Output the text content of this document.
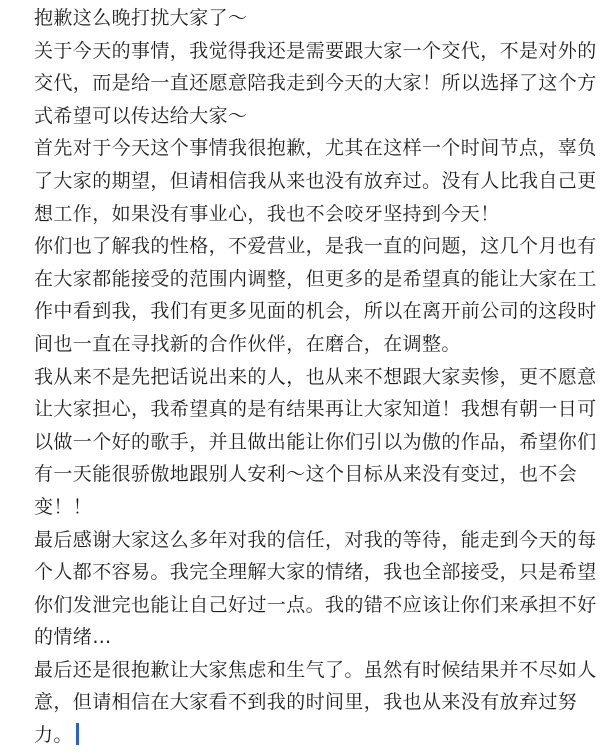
抱歉这么晚打扰大家了～
关于今天的事情，我觉得我还是需要跟大家一个交代，不是对外的
交代，而是给一直还愿意陪我走到今天的大家！所以选择了这个方
式希望可以传达给大家～
首先对于今天这个事情我很抱歉，尤其在这样一个时间节点，辜负
了大家的期望，但请相信我从来也没有放弃过。没有人比我自己更
想工作，如果没有事业心，我也不会咬牙坚持到今天！
你们也了解我的性格，不爱营业，是我一直的问题，这几个月也有
在大家都能接受的范围内调整，但更多的是希望真的能让大家在工
作中看到我，我们有更多见面的机会，所以在离开前公司的这段时
间也一直在寻找新的合作伙伴，在磨合，在调整。
我从来不是先把话说出来的人，也从来不想跟大家卖惨，更不愿意
让大家担心，我希望真的是有结果再让大家知道！我想有朝一日可
以做一个好的歌手，并且做出能让你们引以为傲的作品，希望你们
有一天能很骄傲地跟别人安利～这个目标从来没有变过，也不会
变！！
最后感谢大家这么多年对我的信任，对我的等待，能走到今天的每
个人都不容易。我完全理解大家的情绪，我也全部接受，只是希望
你们发泄完也能让自己好过一点。我的错不应该让你们来承担不好
的情绪…
最后还是很抱歉让大家焦虑和生气了。虽然有时候结果并不尽如人
意，但请相信在大家看不到我的时间里，我也从来没有放弃过努
力。
